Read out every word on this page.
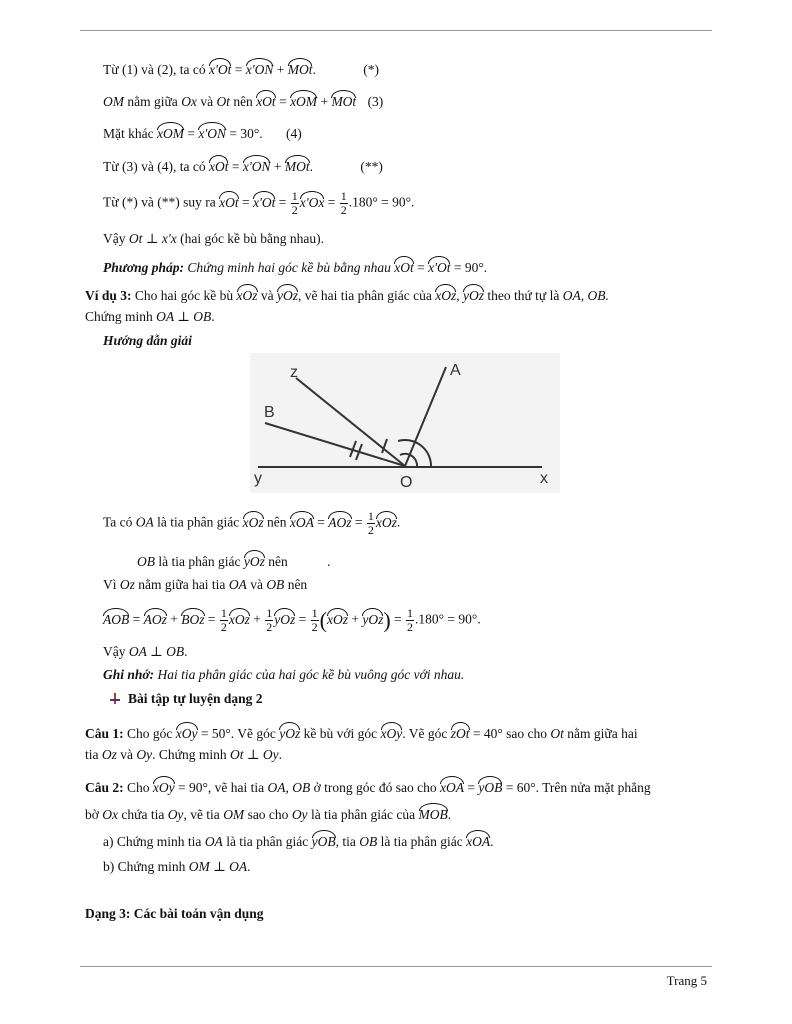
Từ (1) và (2), ta có x'Ot = x'ON + MOt.	(*)
OM nằm giữa Ox và Ot nên xOt = xOM + MOt (3)
Mặt khác xOM = x'ON = 30°. (4)
Từ (3) và (4), ta có xOt = x'ON + MOt.	(**)
Từ (*) và (**) suy ra xOt = $x'Ot = \frac{1}{2} x'Ox = \frac{1}{2} .180^\circ = 90^\circ$.
Vậy Ot ⊥ x'x (hai góc kề bù bằng nhau).
Phương pháp: Chứng minh hai góc kề bù bằng nhau xOt = x'Ot = 90°.
Ví dụ 3: Cho hai góc kề bù xOz và yOz, vẽ hai tia phân giác của xOz, yOz theo thứ tự là OA, OB.
Chứng minh OA ⊥ OB.
Hướng dẫn giải
z	A
B
y	O	x
Ta có OA là tia phân giác xOz nên xOA = AOz = $\frac{1}{2}$ xOz.
OB là tia phân giác yOz nên	.
Vì Oz nằm giữa hai tia OA và OB nên
AOB = AOz + BOz = $\frac{1}{2}$ xOz + $\frac{1}{2}$ yOz = $\frac{1}{2} (xOz + yOz) = \frac{1}{2} .180^\circ = 90^\circ$.
Vậy OA ⊥ OB.
Ghi nhớ: Hai tia phân giác của hai góc kề bù vuông góc với nhau.
Bài tập tự luyện dạng 2
Câu 1: Cho góc xOy = 50°. Vẽ góc yOz kề bù với góc xOy. Vẽ góc zOt = 40° sao cho Ot nằm giữa hai
tia Oz và Oy. Chứng minh Ot ⊥ Oy.
Câu 2: Cho xOy = 90°, vẽ hai tia OA, OB ở trong góc đó sao cho xOA = yOB = 60°. Trên nửa mặt phẳng
bờ Ox chứa tia Oy, vẽ tia OM sao cho Oy là tia phân giác của MOB.
a) Chứng minh tia OA là tia phân giác yOB, tia OB là tia phân giác xOA.
b) Chứng minh OM ⊥ OA.
Dạng 3: Các bài toán vận dụng
Trang 5
